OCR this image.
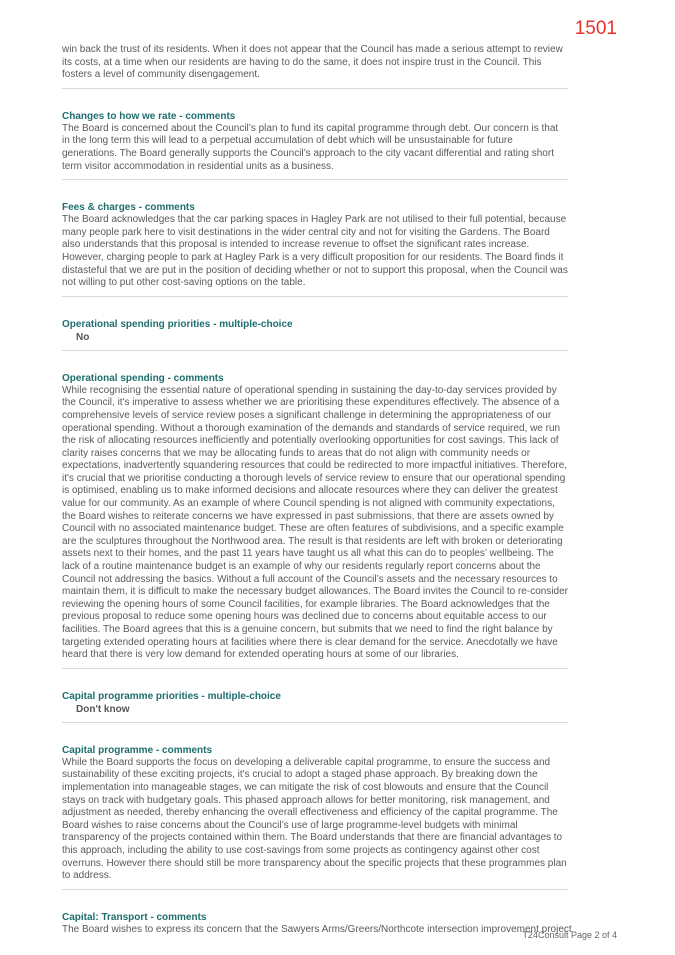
1501

win back the trust of its residents. When it does not appear that the Council has made a serious attempt to review its costs, at a time when our residents are having to do the same, it does not inspire trust in the Council. This fosters a level of community disengagement.

Changes to how we rate - comments

The Board is concerned about the Council’s plan to fund its capital programme through debt. Our concern is that in the long term this will lead to a perpetual accumulation of debt which will be unsustainable for future generations. The Board generally supports the Council’s approach to the city vacant differential and rating short term visitor accommodation in residential units as a business.

Fees & charges - comments

The Board acknowledges that the car parking spaces in Hagley Park are not utilised to their full potential, because many people park here to visit destinations in the wider central city and not for visiting the Gardens. The Board also understands that this proposal is intended to increase revenue to offset the significant rates increase. However, charging people to park at Hagley Park is a very difficult proposition for our residents. The Board finds it distasteful that we are put in the position of deciding whether or not to support this proposal, when the Council was not willing to put other cost-saving options on the table.

Operational spending priorities - multiple-choice
No
Operational spending - comments

While recognising the essential nature of operational spending in sustaining the day-to-day services provided by the Council, it's imperative to assess whether we are prioritising these expenditures effectively. The absence of a comprehensive levels of service review poses a significant challenge in determining the appropriateness of our operational spending. Without a thorough examination of the demands and standards of service required, we run the risk of allocating resources inefficiently and potentially overlooking opportunities for cost savings. This lack of clarity raises concerns that we may be allocating funds to areas that do not align with community needs or expectations, inadvertently squandering resources that could be redirected to more impactful initiatives. Therefore, it's crucial that we prioritise conducting a thorough levels of service review to ensure that our operational spending is optimised, enabling us to make informed decisions and allocate resources where they can deliver the greatest value for our community. As an example of where Council spending is not aligned with community expectations, the Board wishes to reiterate concerns we have expressed in past submissions, that there are assets owned by Council with no associated maintenance budget. These are often features of subdivisions, and a specific example are the sculptures throughout the Northwood area. The result is that residents are left with broken or deteriorating assets next to their homes, and the past 11 years have taught us all what this can do to peoples’ wellbeing. The lack of a routine maintenance budget is an example of why our residents regularly report concerns about the Council not addressing the basics. Without a full account of the Council’s assets and the necessary resources to maintain them, it is difficult to make the necessary budget allowances. The Board invites the Council to re-consider reviewing the opening hours of some Council facilities, for example libraries. The Board acknowledges that the previous proposal to reduce some opening hours was declined due to concerns about equitable access to our facilities. The Board agrees that this is a genuine concern, but submits that we need to find the right balance by targeting extended operating hours at facilities where there is clear demand for the service. Anecdotally we have heard that there is very low demand for extended operating hours at some of our libraries.

Capital programme priorities - multiple-choice
Don't know
Capital programme - comments

While the Board supports the focus on developing a deliverable capital programme, to ensure the success and sustainability of these exciting projects, it's crucial to adopt a staged phase approach. By breaking down the implementation into manageable stages, we can mitigate the risk of cost blowouts and ensure that the Council stays on track with budgetary goals. This phased approach allows for better monitoring, risk management, and adjustment as needed, thereby enhancing the overall effectiveness and efficiency of the capital programme. The Board wishes to raise concerns about the Council’s use of large programme-level budgets with minimal transparency of the projects contained within them. The Board understands that there are financial advantages to this approach, including the ability to use cost-savings from some projects as contingency against other cost overruns. However there should still be more transparency about the specific projects that these programmes plan to address.

Capital: Transport - comments

The Board wishes to express its concern that the Sawyers Arms/Greers/Northcote intersection improvement project

T24Consult Page 2 of 4
